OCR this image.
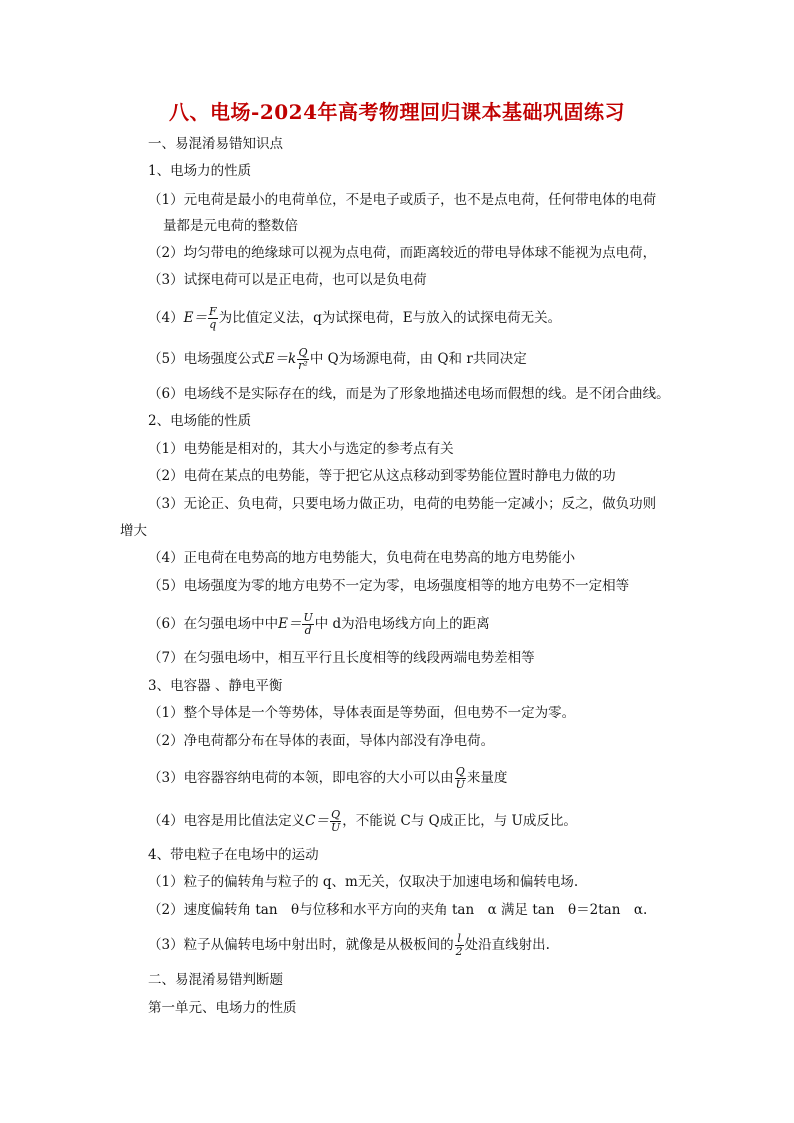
八、电场-2024年高考物理回归课本基础巩固练习
一、易混淆易错知识点
1、电场力的性质
（1）元电荷是最小的电荷单位，不是电子或质子，也不是点电荷，任何带电体的电荷
量都是元电荷的整数倍
（2）均匀带电的绝缘球可以视为点电荷，而距离较近的带电导体球不能视为点电荷，
（3）试探电荷可以是正电荷，也可以是负电荷
$(4)E= \frac{F}{q}$ 为比值定义法，q为试探电荷，E与放入的试探电荷无关。
（5）电场强度公式$E=k \frac{Q}{\text{r²}}$ 中 Q为场源电荷，由 Q和 r共同决定
（6）电场线不是实际存在的线，而是为了形象地描述电场而假想的线。是不闭合曲线。
2、电场能的性质
（1）电势能是相对的，其大小与选定的参考点有关
（2）电荷在某点的电势能，等于把它从这点移动到零势能位置时静电力做的功
（3）无论正、负电荷，只要电场力做正功，电荷的电势能一定减小；反之，做负功则
增大
（4）正电荷在电势高的地方电势能大，负电荷在电势高的地方电势能小
（5）电场强度为零的地方电势不一定为零，电场强度相等的地方电势不一定相等
（6）在匀强电场中中$E= \frac{U}{d}$ 中 d为沿电场线方向上的距离
（7）在匀强电场中，相互平行且长度相等的线段两端电势差相等
3、电容器 、静电平衡
（1）整个导体是一个等势体，导体表面是等势面，但电势不一定为零。
（2）净电荷都分布在导体的表面，导体内部没有净电荷。
（3）电容器容纳电荷的本领，即电容的大小可以由 $\frac{Q}{U}$ 来量度
（4）电容是用比值法定义$C= \frac{Q}{U}$ ，不能说 C与 Q成正比，与 U成反比。
4、带电粒子在电场中的运动
（1）粒子的偏转角与粒子的 q、m无关，仅取决于加速电场和偏转电场.
（2）速度偏转角 tan　θ与位移和水平方向的夹角 tan　α 满足 tan　θ＝2tan　α.
（3）粒子从偏转电场中射出时，就像是从极板间的 $\frac{l}{2}$ 处沿直线射出.
二、易混淆易错判断题
第一单元、电场力的性质
